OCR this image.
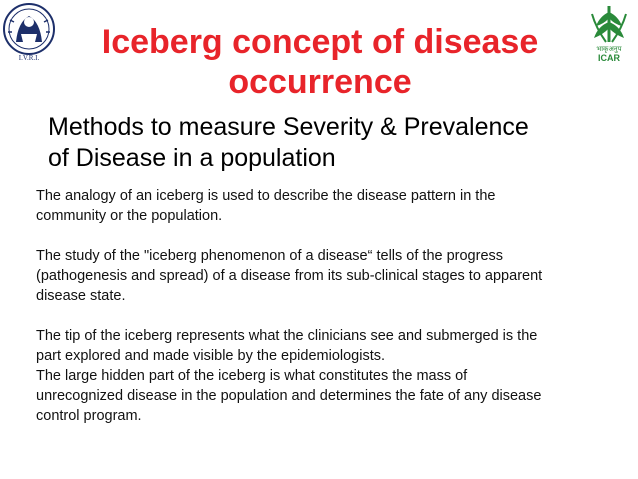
I.V.R.I.
भाकृअनुप
ICAR
Iceberg concept of disease
occurrence
Methods to measure Severity & Prevalence
of Disease in a population

The analogy of an iceberg is used to describe the disease pattern in the
community or the population.

The study of the "iceberg phenomenon of a disease“ tells of the progress
(pathogenesis and spread) of a disease from its sub-clinical stages to apparent
disease state.

The tip of the iceberg represents what the clinicians see and submerged is the
part explored and made visible by the epidemiologists.

The large hidden part of the iceberg is what constitutes the mass of
unrecognized disease in the population and determines the fate of any disease
control program.
